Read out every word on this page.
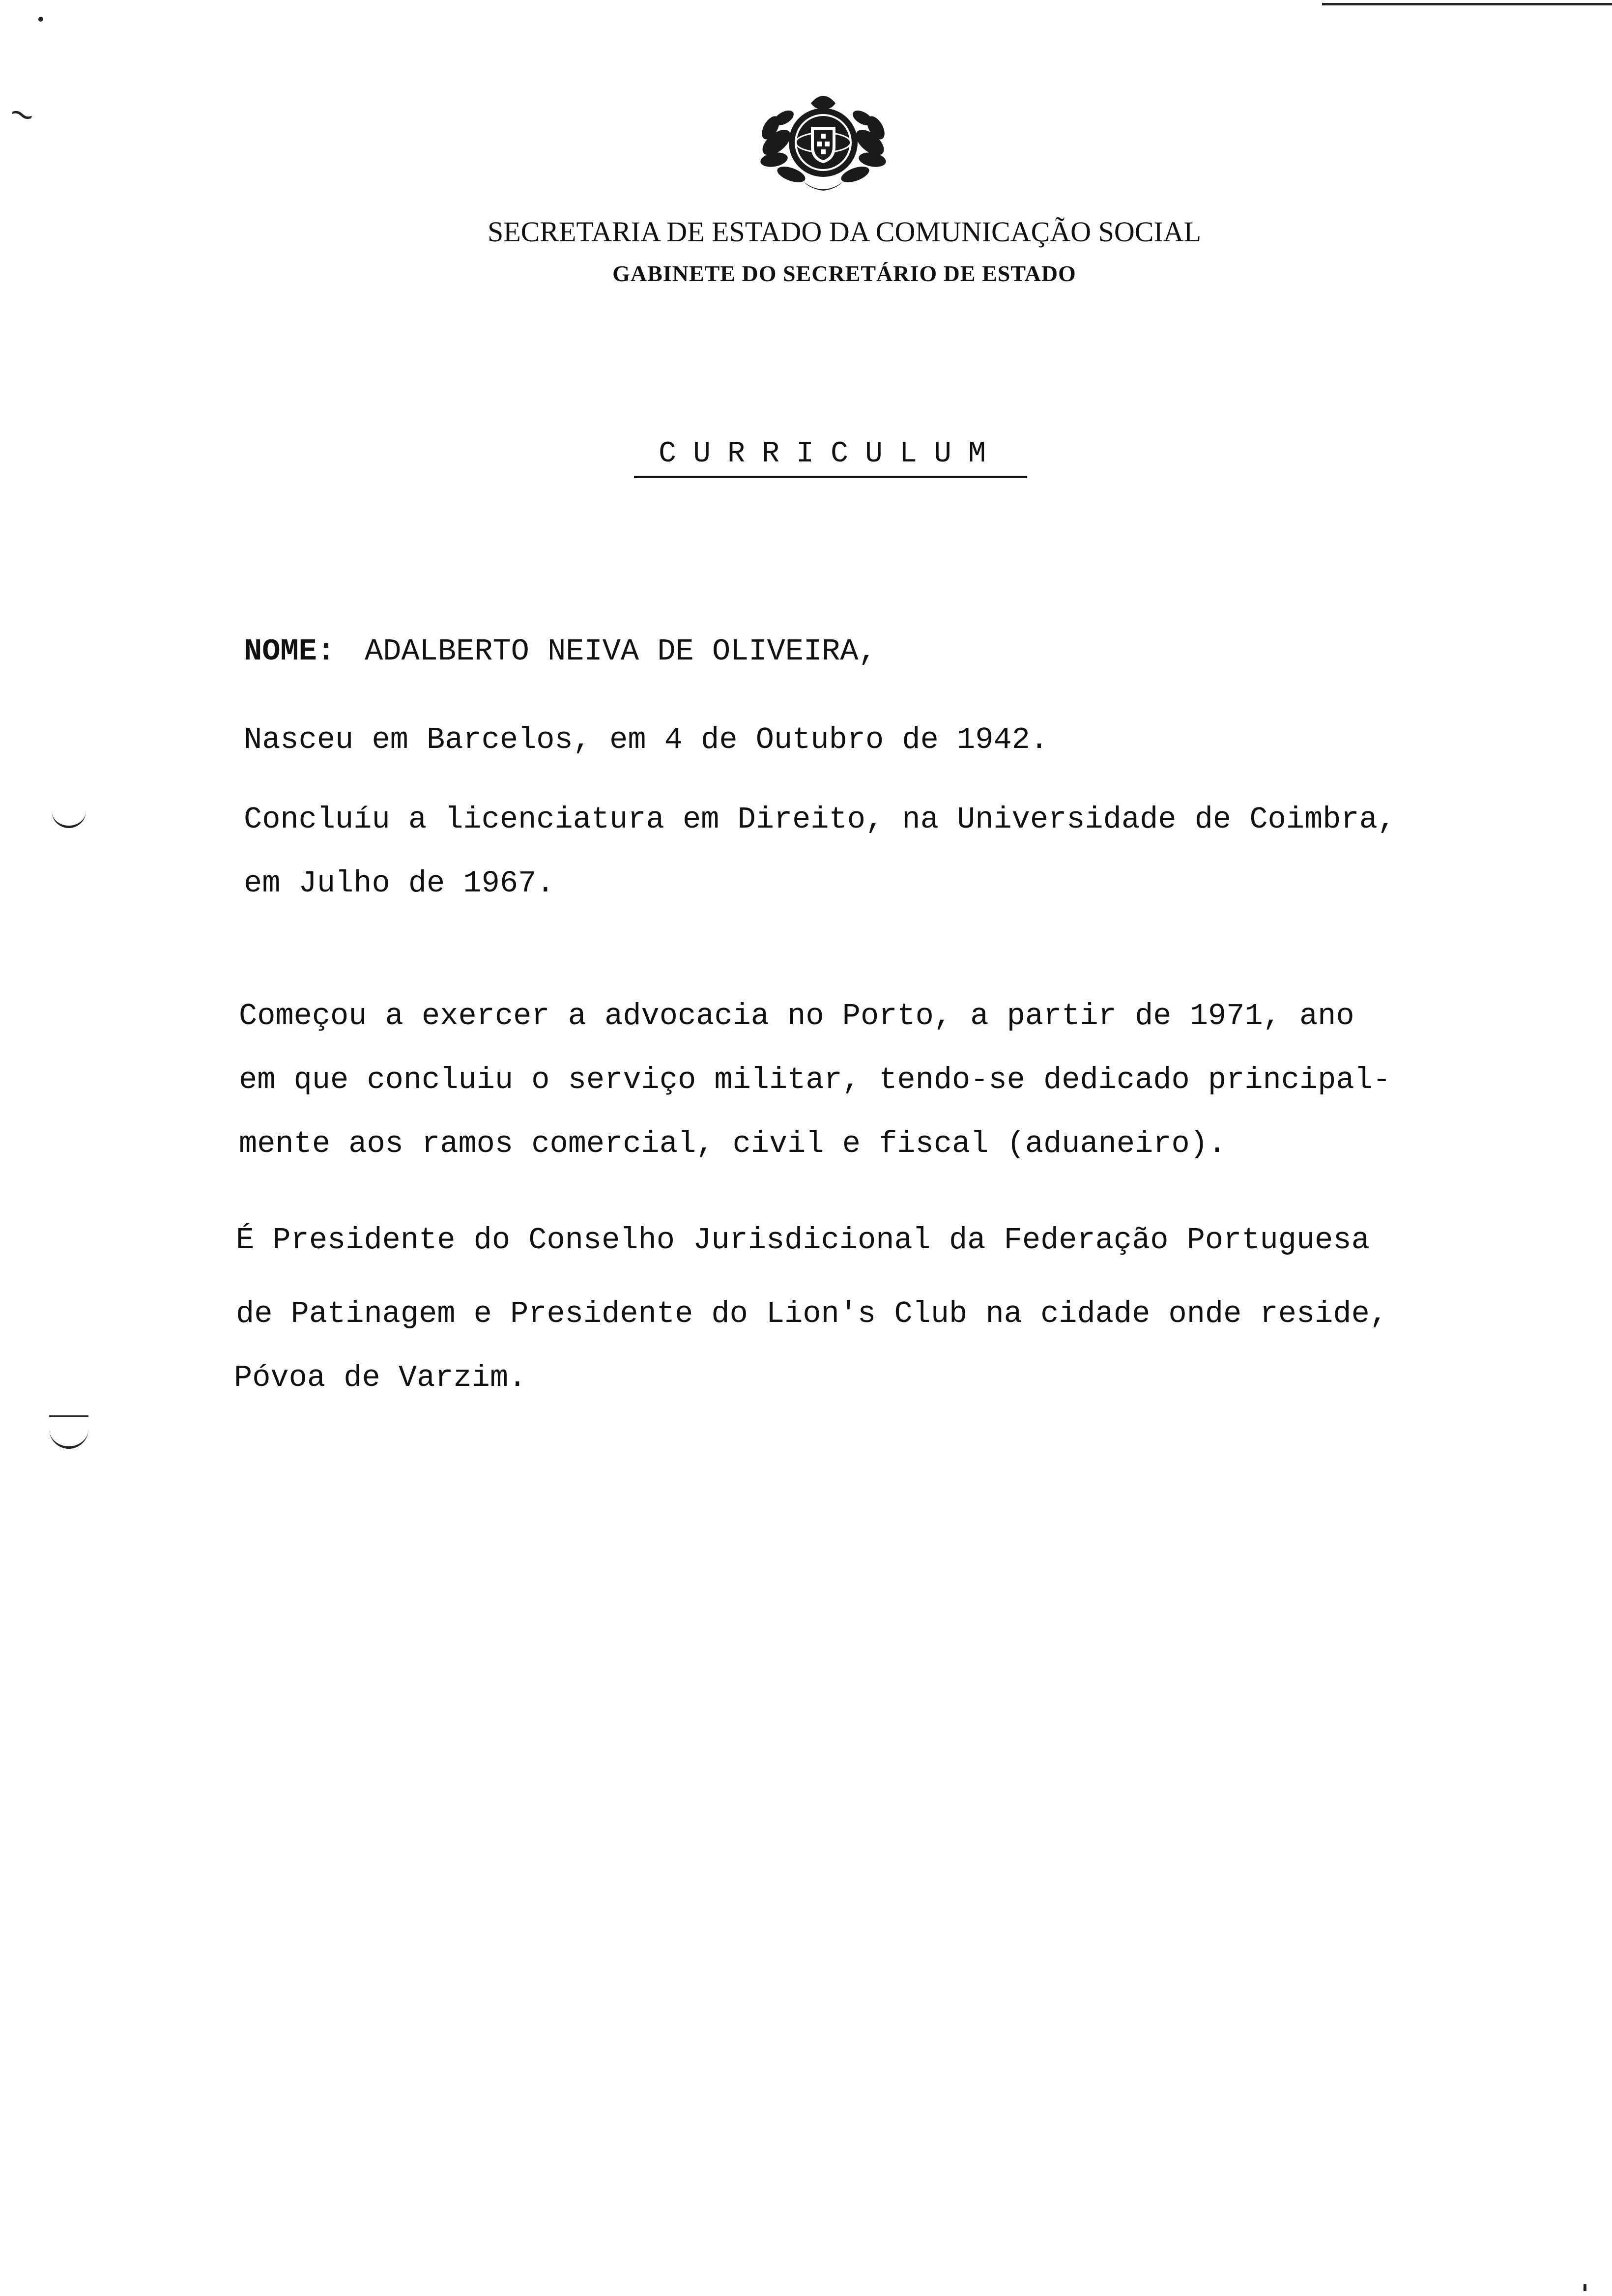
~
SECRETARIA DE ESTADO DA COMUNICAÇÃO SOCIAL
GABINETE DO SECRETÁRIO DE ESTADO
CURRICULUM
NOME: ADALBERTO NEIVA DE OLIVEIRA,
Nasceu em Barcelos, em 4 de Outubro de 1942.
Concluíu a licenciatura em Direito, na Universidade de Coimbra,
em Julho de 1967.
Começou a exercer a advocacia no Porto, a partir de 1971, ano
em que concluiu o serviço militar, tendo-se dedicado principal-
mente aos ramos comercial, civil e fiscal (aduaneiro).
É Presidente do Conselho Jurisdicional da Federação Portuguesa
de Patinagem e Presidente do Lion's Club na cidade onde reside,
Póvoa de Varzim.
